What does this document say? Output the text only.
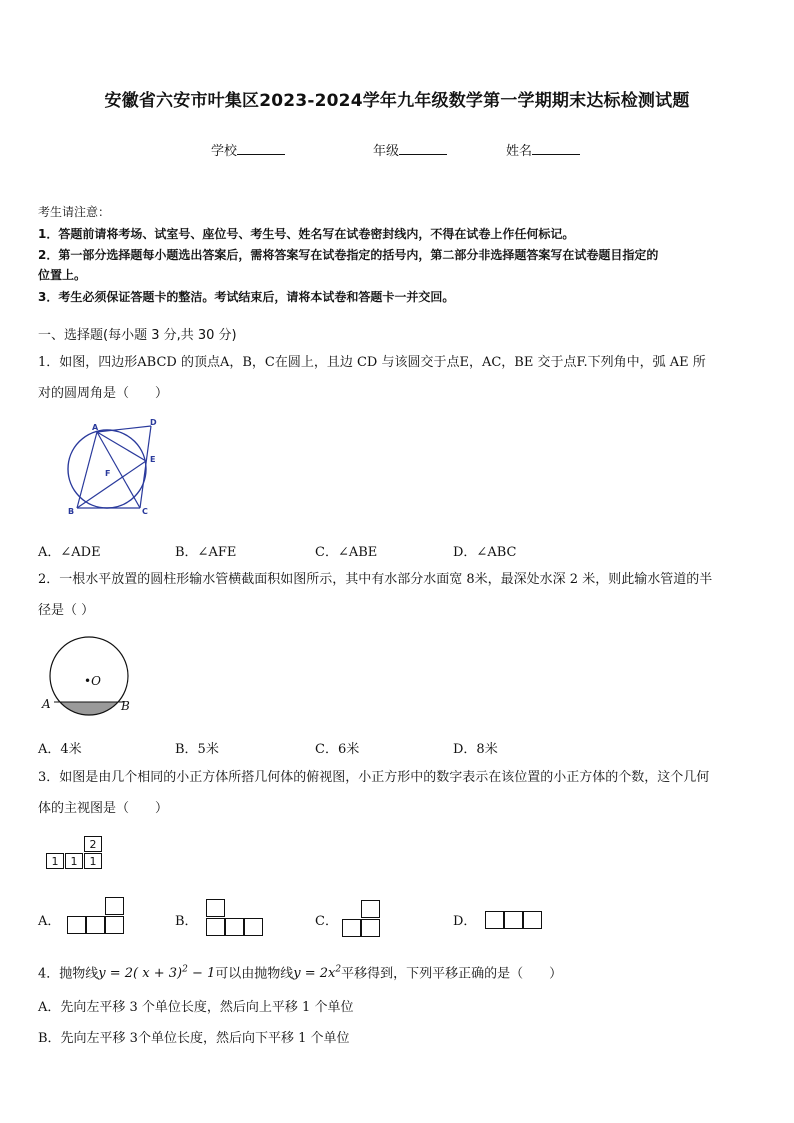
安徽省六安市叶集区2023-2024学年九年级数学第一学期期末达标检测试题
学校	年级	姓名
考生请注意：
1．答题前请将考场、试室号、座位号、考生号、姓名写在试卷密封线内，不得在试卷上作任何标记。
2．第一部分选择题每小题选出答案后，需将答案写在试卷指定的括号内，第二部分非选择题答案写在试卷题目指定的
位置上。
3．考生必须保证答题卡的整洁。考试结束后，请将本试卷和答题卡一并交回。
一、选择题(每小题 3 分,共 30 分)
1．如图，四边形ABCD 的顶点A，B，C在圆上，且边 CD 与该圆交于点E，AC，BE 交于点F.下列角中，弧 AE 所
对的圆周角是（　　）
A
D
E
F
B	C
A．∠ADE	B．∠AFE	C．∠ABE	D．∠ABC
2．一根水平放置的圆柱形输水管横截面积如图所示，其中有水部分水面宽 8米，最深处水深 2 米，则此输水管道的半
径是（ ）
•O
A	B
A．4米	B．5米	C．6米	D．8米
3．如图是由几个相同的小正方体所搭几何体的俯视图，小正方形中的数字表示在该位置的小正方体的个数，这个几何
体的主视图是（　　）
2
1	1	1
A．	B．	C．	D．
4．抛物线y = 2( x + 3)$^2$ − 1可以由抛物线$y = 2x^2$平移得到，下列平移正确的是（　　）
A．先向左平移 3 个单位长度，然后向上平移 1 个单位
B．先向左平移 3个单位长度，然后向下平移 1 个单位
